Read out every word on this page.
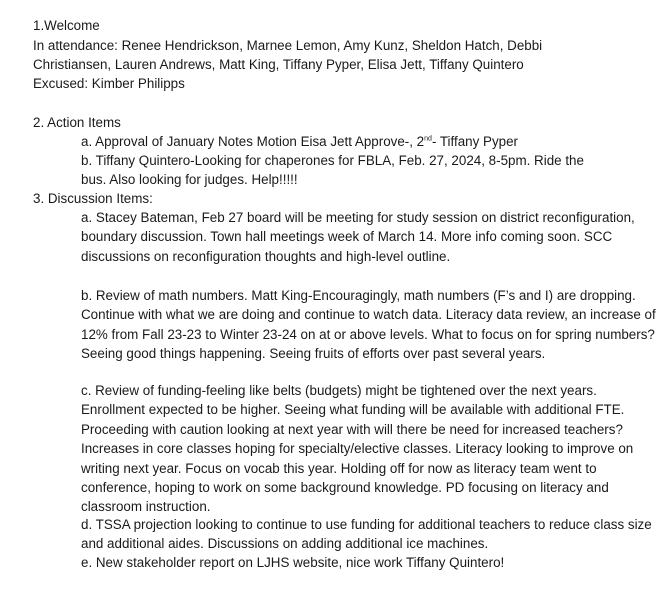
1.Welcome
In attendance: Renee Hendrickson, Marnee Lemon, Amy Kunz, Sheldon Hatch, Debbi
Christiansen, Lauren Andrews, Matt King, Tiffany Pyper, Elisa Jett, Tiffany Quintero
Excused: Kimber Philipps
2. Action Items
a. Approval of January Notes Motion Eisa Jett Approve-, 2nd- Tiffany Pyper
b. Tiffany Quintero-Looking for chaperones for FBLA, Feb. 27, 2024, 8-5pm. Ride the
bus. Also looking for judges. Help!!!!!
3. Discussion Items:

a. Stacey Bateman, Feb 27 board will be meeting for study session on district reconfiguration, boundary discussion. Town hall meetings week of March 14. More info coming soon. SCC discussions on reconfiguration thoughts and high-level outline.

b. Review of math numbers. Matt King-Encouragingly, math numbers (F’s and I) are dropping. Continue with what we are doing and continue to watch data. Literacy data review, an increase of 12% from Fall 23-23 to Winter 23-24 on at or above levels. What to focus on for spring numbers? Seeing good things happening. Seeing fruits of efforts over past several years.

c. Review of funding-feeling like belts (budgets) might be tightened over the next years. Enrollment expected to be higher. Seeing what funding will be available with additional FTE. Proceeding with caution looking at next year with will there be need for increased teachers? Increases in core classes hoping for specialty/elective classes. Literacy looking to improve on writing next year. Focus on vocab this year. Holding off for now as literacy team went to conference, hoping to work on some background knowledge. PD focusing on literacy and classroom instruction.

d. TSSA projection looking to continue to use funding for additional teachers to reduce class size and additional aides. Discussions on adding additional ice machines.

e. New stakeholder report on LJHS website, nice work Tiffany Quintero!
